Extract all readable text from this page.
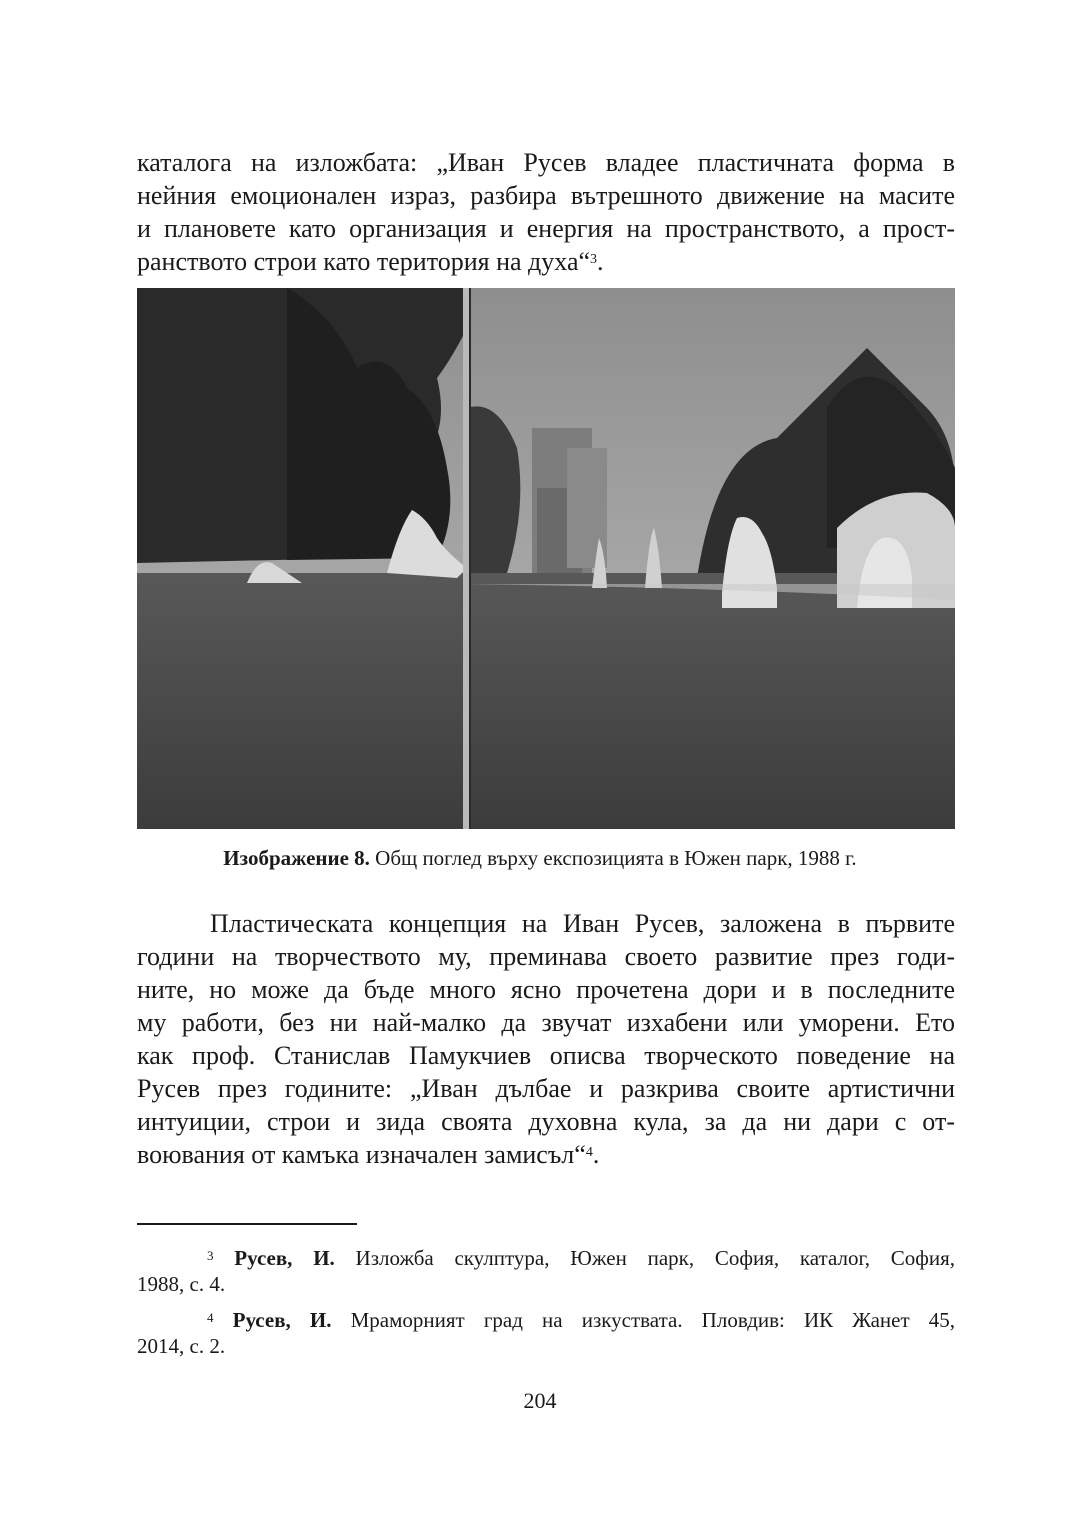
каталога на изложбата: „Иван Русев владее пластичната форма в
нейния емоционален израз, разбира вътрешното движение на масите
и плановете като организация и енергия на пространството, а прост-
ранството строи като територия на духа“$^3$.
Изображение 8. Общ поглед върху експозицията в Южен парк, 1988 г.
Пластическата концепция на Иван Русев, заложена в първите
години на творчеството му, преминава своето развитие през годи-
ните, но може да бъде много ясно прочетена дори и в последните
му работи, без ни най-малко да звучат изхабени или уморени. Ето
как проф. Станислав Памукчиев описва творческото поведение на
Русев през годините: „Иван дълбае и разкрива своите артистични
интуиции, строи и зида своята духовна кула, за да ни дари с от-
воювания от камъка изначален замисъл“$^4$.
$^3$ Русев, И. Изложба скулптура, Южен парк, София, каталог, София,
1988, с. 4.
$^4$ Русев, И. Мраморният град на изкуствата. Пловдив: ИК Жанет 45,
2014, с. 2.
204
